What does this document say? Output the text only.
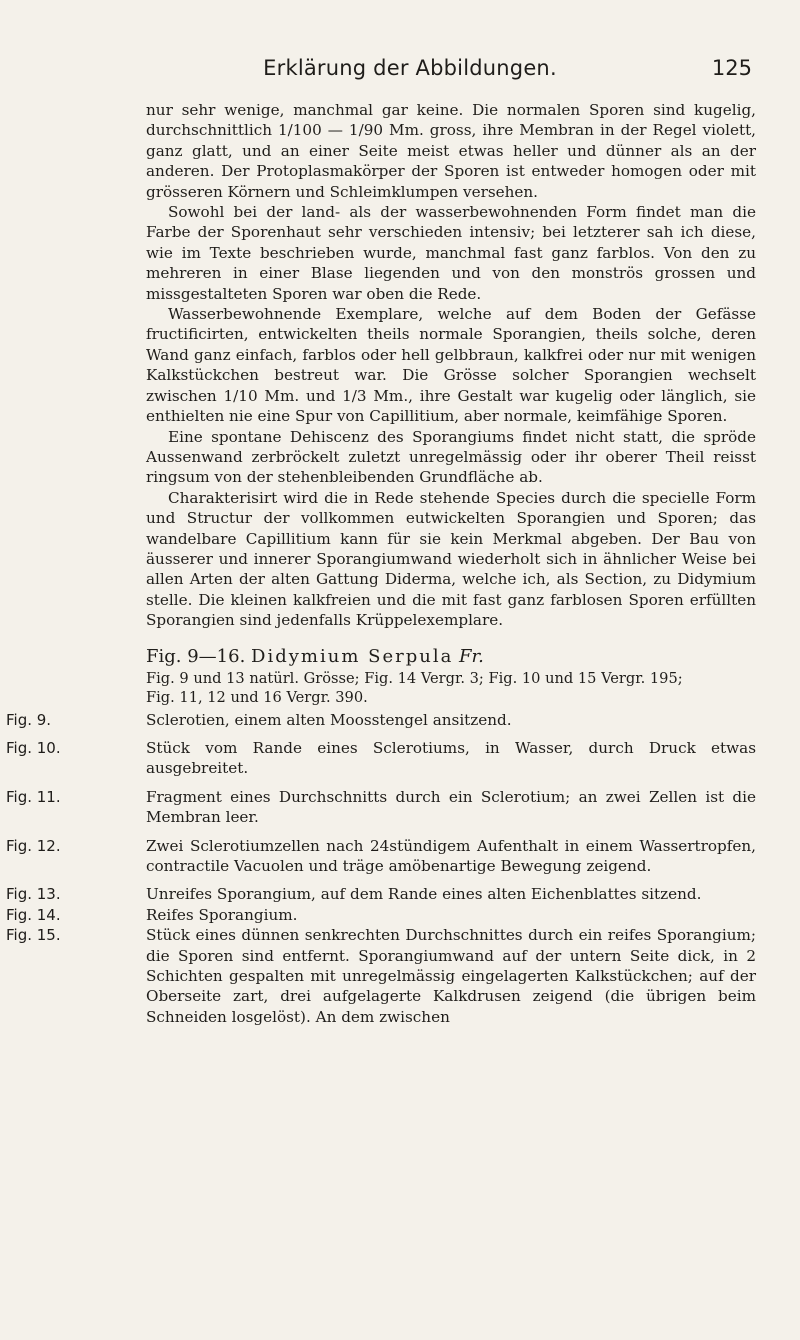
Erklärung der Abbildungen.	125

nur sehr wenige, manchmal gar keine. Die normalen Sporen sind kugelig, durchschnittlich 1/100 — 1/90 Mm. gross, ihre Membran in der Regel violett, ganz glatt, und an einer Seite meist etwas heller und dünner als an der anderen. Der Protoplasmakörper der Sporen ist entweder homogen oder mit grösseren Körnern und Schleimklumpen versehen.

Sowohl bei der land- als der wasserbewohnenden Form findet man die Farbe der Sporenhaut sehr verschieden intensiv; bei letzterer sah ich diese, wie im Texte beschrieben wurde, manchmal fast ganz farblos. Von den zu mehreren in einer Blase liegenden und von den monströs grossen und missgestalteten Sporen war oben die Rede.

Wasserbewohnende Exemplare, welche auf dem Boden der Gefässe fructificirten, entwickelten theils normale Sporangien, theils solche, deren Wand ganz einfach, farblos oder hell gelbbraun, kalkfrei oder nur mit wenigen Kalkstückchen bestreut war. Die Grösse solcher Sporangien wechselt zwischen 1/10 Mm. und 1/3 Mm., ihre Gestalt war kugelig oder länglich, sie enthielten nie eine Spur von Capillitium, aber normale, keimfähige Sporen.

Eine spontane Dehiscenz des Sporangiums findet nicht statt, die spröde Aussenwand zerbröckelt zuletzt unregelmässig oder ihr oberer Theil reisst ringsum von der stehenbleibenden Grundfläche ab.

Charakterisirt wird die in Rede stehende Species durch die specielle Form und Structur der vollkommen eutwickelten Sporangien und Sporen; das wandelbare Capillitium kann für sie kein Merkmal abgeben. Der Bau von äusserer und innerer Sporangiumwand wiederholt sich in ähnlicher Weise bei allen Arten der alten Gattung Diderma, welche ich, als Section, zu Didymium stelle. Die kleinen kalkfreien und die mit fast ganz farblosen Sporen erfüllten Sporangien sind jedenfalls Krüppelexemplare.

Fig. 9—16. Didymium Serpula Fr.

Fig. 9 und 13 natürl. Grösse; Fig. 14 Vergr. 3; Fig. 10 und 15 Vergr. 195;

Fig. 11, 12 und 16 Vergr. 390.

Fig. 9.	Sclerotien, einem alten Moosstengel ansitzend.
Fig. 10.	Stück vom Rande eines Sclerotiums, in Wasser, durch Druck etwas ausgebreitet.
Fig. 11.	Fragment eines Durchschnitts durch ein Sclerotium; an zwei Zellen ist die Membran leer.
Fig. 12.	Zwei Sclerotiumzellen nach 24stündigem Aufenthalt in einem Wassertropfen, contractile Vacuolen und träge amöbenartige Bewegung zeigend.
Fig. 13.	Unreifes Sporangium, auf dem Rande eines alten Eichenblattes sitzend.
Fig. 14.	Reifes Sporangium.
Fig. 15.	Stück eines dünnen senkrechten Durchschnittes durch ein reifes Sporangium; die Sporen sind entfernt. Sporangiumwand auf der untern Seite dick, in 2 Schichten gespalten mit unregelmässig eingelagerten Kalkstückchen; auf der Oberseite zart, drei aufgelagerte Kalkdrusen zeigend (die übrigen beim Schneiden losgelöst). An dem zwischen
